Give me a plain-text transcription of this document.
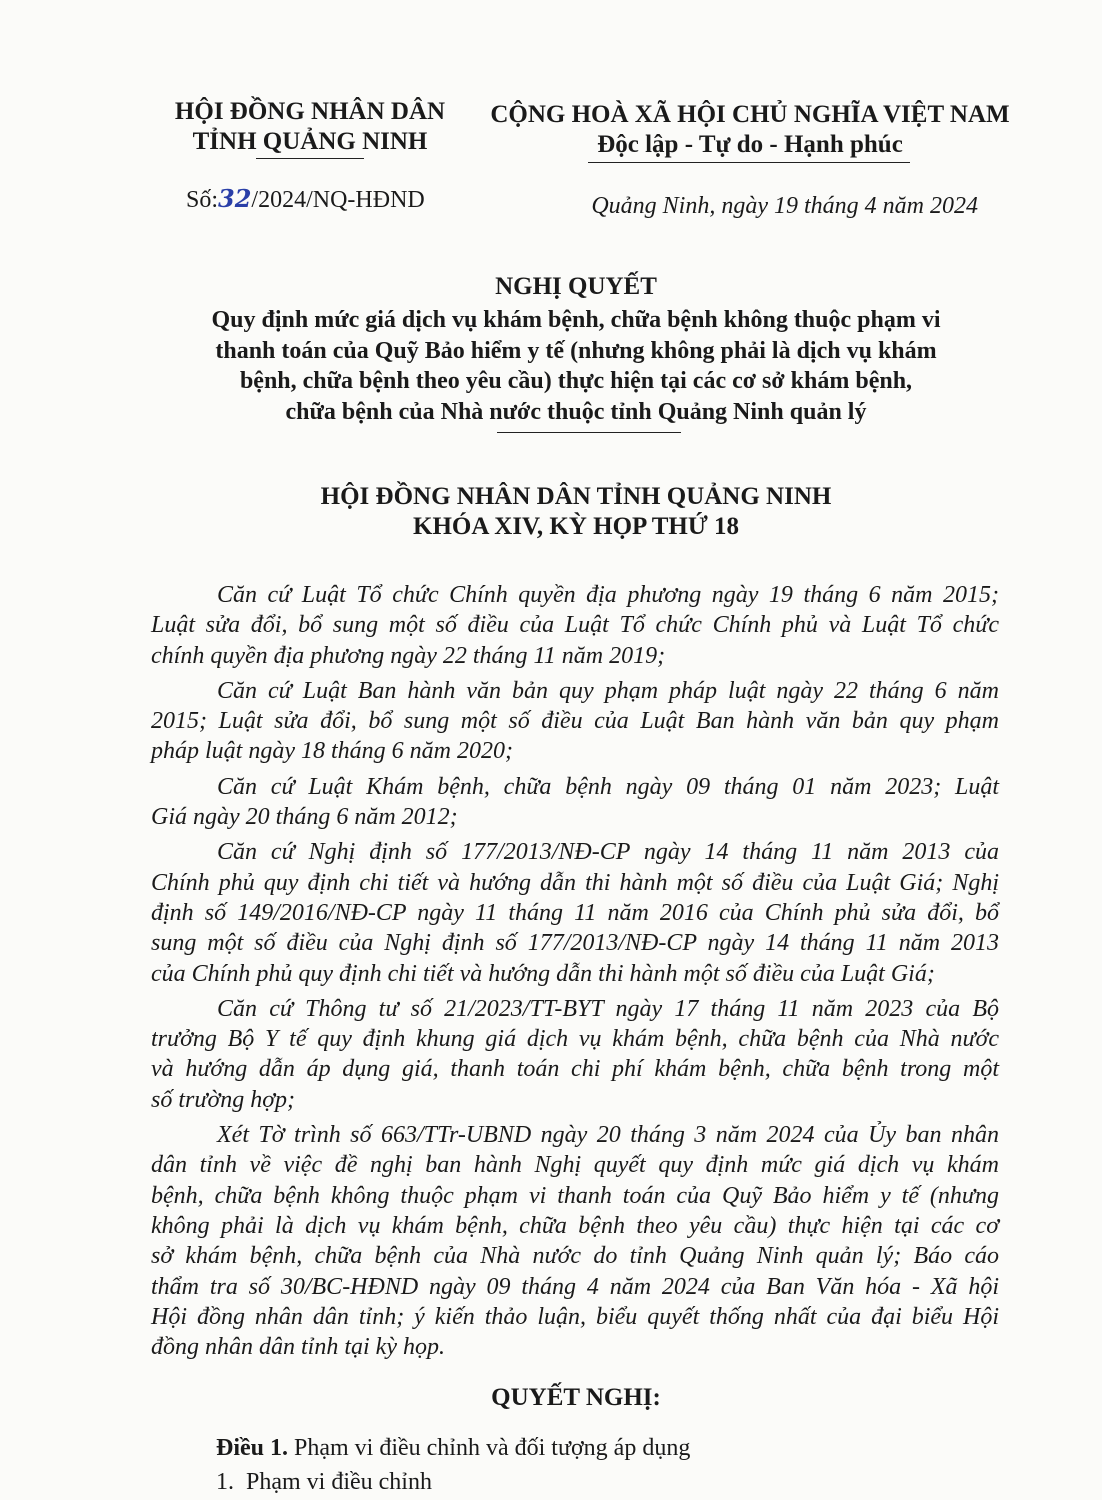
HỘI ĐỒNG NHÂN DÂN
TỈNH QUẢNG NINH
CỘNG HOÀ XÃ HỘI CHỦ NGHĨA VIỆT NAM
Độc lập - Tự do - Hạnh phúc
Số:32/2024/NQ-HĐND	Quảng Ninh, ngày 19 tháng 4 năm 2024
NGHỊ QUYẾT
Quy định mức giá dịch vụ khám bệnh, chữa bệnh không thuộc phạm vi
thanh toán của Quỹ Bảo hiểm y tế (nhưng không phải là dịch vụ khám
bệnh, chữa bệnh theo yêu cầu) thực hiện tại các cơ sở khám bệnh,
chữa bệnh của Nhà nước thuộc tỉnh Quảng Ninh quản lý
HỘI ĐỒNG NHÂN DÂN TỈNH QUẢNG NINH
KHÓA XIV, KỲ HỌP THỨ 18
Căn cứ Luật Tổ chức Chính quyền địa phương ngày 19 tháng 6 năm 2015;
Luật sửa đổi, bổ sung một số điều của Luật Tổ chức Chính phủ và Luật Tổ chức
chính quyền địa phương ngày 22 tháng 11 năm 2019;
Căn cứ Luật Ban hành văn bản quy phạm pháp luật ngày 22 tháng 6 năm
2015; Luật sửa đổi, bổ sung một số điều của Luật Ban hành văn bản quy phạm
pháp luật ngày 18 tháng 6 năm 2020;
Căn cứ Luật Khám bệnh, chữa bệnh ngày 09 tháng 01 năm 2023; Luật
Giá ngày 20 tháng 6 năm 2012;
Căn cứ Nghị định số 177/2013/NĐ-CP ngày 14 tháng 11 năm 2013 của
Chính phủ quy định chi tiết và hướng dẫn thi hành một số điều của Luật Giá; Nghị
định số 149/2016/NĐ-CP ngày 11 tháng 11 năm 2016 của Chính phủ sửa đổi, bổ
sung một số điều của Nghị định số 177/2013/NĐ-CP ngày 14 tháng 11 năm 2013
của Chính phủ quy định chi tiết và hướng dẫn thi hành một số điều của Luật Giá;
Căn cứ Thông tư số 21/2023/TT-BYT ngày 17 tháng 11 năm 2023 của Bộ
trưởng Bộ Y tế quy định khung giá dịch vụ khám bệnh, chữa bệnh của Nhà nước
và hướng dẫn áp dụng giá, thanh toán chi phí khám bệnh, chữa bệnh trong một
số trường hợp;
Xét Tờ trình số 663/TTr-UBND ngày 20 tháng 3 năm 2024 của Ủy ban nhân
dân tỉnh về việc đề nghị ban hành Nghị quyết quy định mức giá dịch vụ khám
bệnh, chữa bệnh không thuộc phạm vi thanh toán của Quỹ Bảo hiểm y tế (nhưng
không phải là dịch vụ khám bệnh, chữa bệnh theo yêu cầu) thực hiện tại các cơ
sở khám bệnh, chữa bệnh của Nhà nước do tỉnh Quảng Ninh quản lý; Báo cáo
thẩm tra số 30/BC-HĐND ngày 09 tháng 4 năm 2024 của Ban Văn hóa - Xã hội
Hội đồng nhân dân tỉnh; ý kiến thảo luận, biểu quyết thống nhất của đại biểu Hội
đồng nhân dân tỉnh tại kỳ họp.
QUYẾT NGHỊ:
Điều 1. Phạm vi điều chỉnh và đối tượng áp dụng
1.  Phạm vi điều chỉnh
